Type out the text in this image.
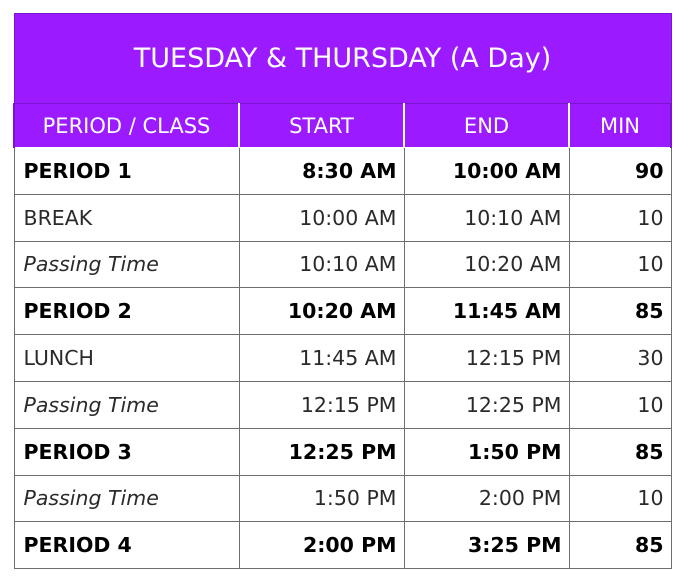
TUESDAY & THURSDAY (A Day)			
PERIOD / CLASS	START	END	MIN
PERIOD 1	8:30 AM	10:00 AM	90
BREAK	10:00 AM	10:10 AM	10
Passing Time	10:10 AM	10:20 AM	10
PERIOD 2	10:20 AM	11:45 AM	85
LUNCH	11:45 AM	12:15 PM	30
Passing Time	12:15 PM	12:25 PM	10
PERIOD 3	12:25 PM	1:50 PM	85
Passing Time	1:50 PM	2:00 PM	10
PERIOD 4	2:00 PM	3:25 PM	85
